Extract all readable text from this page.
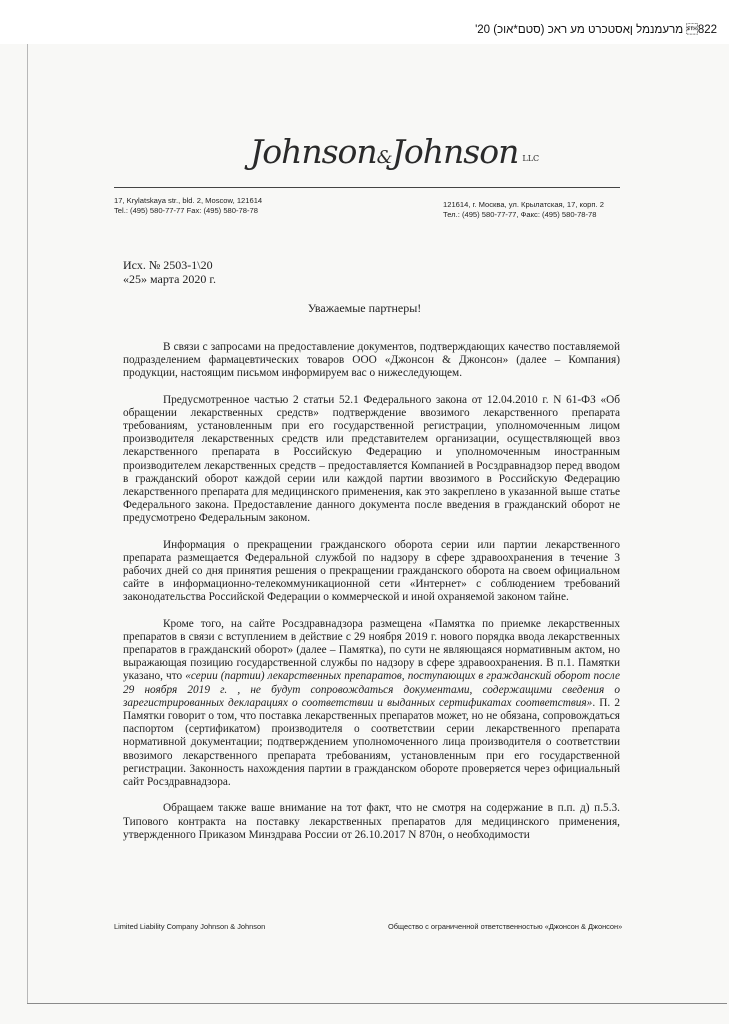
'20 (סטם*אוכ) 822 מרעמנמל ןאסטכרט מע ראכ
Johnson&Johnson LLC
17, Krylatskaya str., bld. 2, Moscow, 121614
Tel.: (495) 580-77-77 Fax: (495) 580-78-78
121614, г. Москва, ул. Крылатская, 17, корп. 2
Тел.: (495) 580-77-77, Факс: (495) 580-78-78
Исх. № 2503-1\20
«25» марта 2020 г.
Уважаемые партнеры!

В связи с запросами на предоставление документов, подтверждающих качество поставляемой подразделением фармацевтических товаров ООО «Джонсон & Джонсон» (далее – Компания) продукции, настоящим письмом информируем вас о нижеследующем.

Предусмотренное частью 2 статьи 52.1 Федерального закона от 12.04.2010 г. N 61-ФЗ «Об обращении лекарственных средств» подтверждение ввозимого лекарственного препарата требованиям, установленным при его государственной регистрации, уполномоченным лицом производителя лекарственных средств или представителем организации, осуществляющей ввоз лекарственного препарата в Российскую Федерацию и уполномоченным иностранным производителем лекарственных средств – предоставляется Компанией в Росздравнадзор перед вводом в гражданский оборот каждой серии или каждой партии ввозимого в Российскую Федерацию лекарственного препарата для медицинского применения, как это закреплено в указанной выше статье Федерального закона. Предоставление данного документа после введения в гражданский оборот не предусмотрено Федеральным законом.

Информация о прекращении гражданского оборота серии или партии лекарственного препарата размещается Федеральной службой по надзору в сфере здравоохранения в течение 3 рабочих дней со дня принятия решения о прекращении гражданского оборота на своем официальном сайте в информационно-телекоммуникационной сети «Интернет» с соблюдением требований законодательства Российской Федерации о коммерческой и иной охраняемой законом тайне.

Кроме того, на сайте Росздравнадзора размещена «Памятка по приемке лекарственных препаратов в связи с вступлением в действие с 29 ноября 2019 г. нового порядка ввода лекарственных препаратов в гражданский оборот» (далее – Памятка), по сути не являющаяся нормативным актом, но выражающая позицию государственной службы по надзору в сфере здравоохранения. В п.1. Памятки указано, что «серии (партии) лекарственных препаратов, поступающих в гражданский оборот после 29 ноября 2019 г. , не будут сопровождаться документами, содержащими сведения о зарегистрированных декларациях о соответствии и выданных сертификатах соответствия». П. 2 Памятки говорит о том, что поставка лекарственных препаратов может, но не обязана, сопровождаться паспортом (сертификатом) производителя о соответствии серии лекарственного препарата нормативной документации; подтверждением уполномоченного лица производителя о соответствии ввозимого лекарственного препарата требованиям, установленным при его государственной регистрации. Законность нахождения партии в гражданском обороте проверяется через официальный сайт Росздравнадзора.

Обращаем также ваше внимание на тот факт, что не смотря на содержание в п.п. д) п.5.3. Типового контракта на поставку лекарственных препаратов для медицинского применения, утвержденного Приказом Минздрава России от 26.10.2017 N 870н, о необходимости

Limited Liability Company Johnson & Johnson	Общество с ограниченной ответственностью «Джонсон & Джонсон»
